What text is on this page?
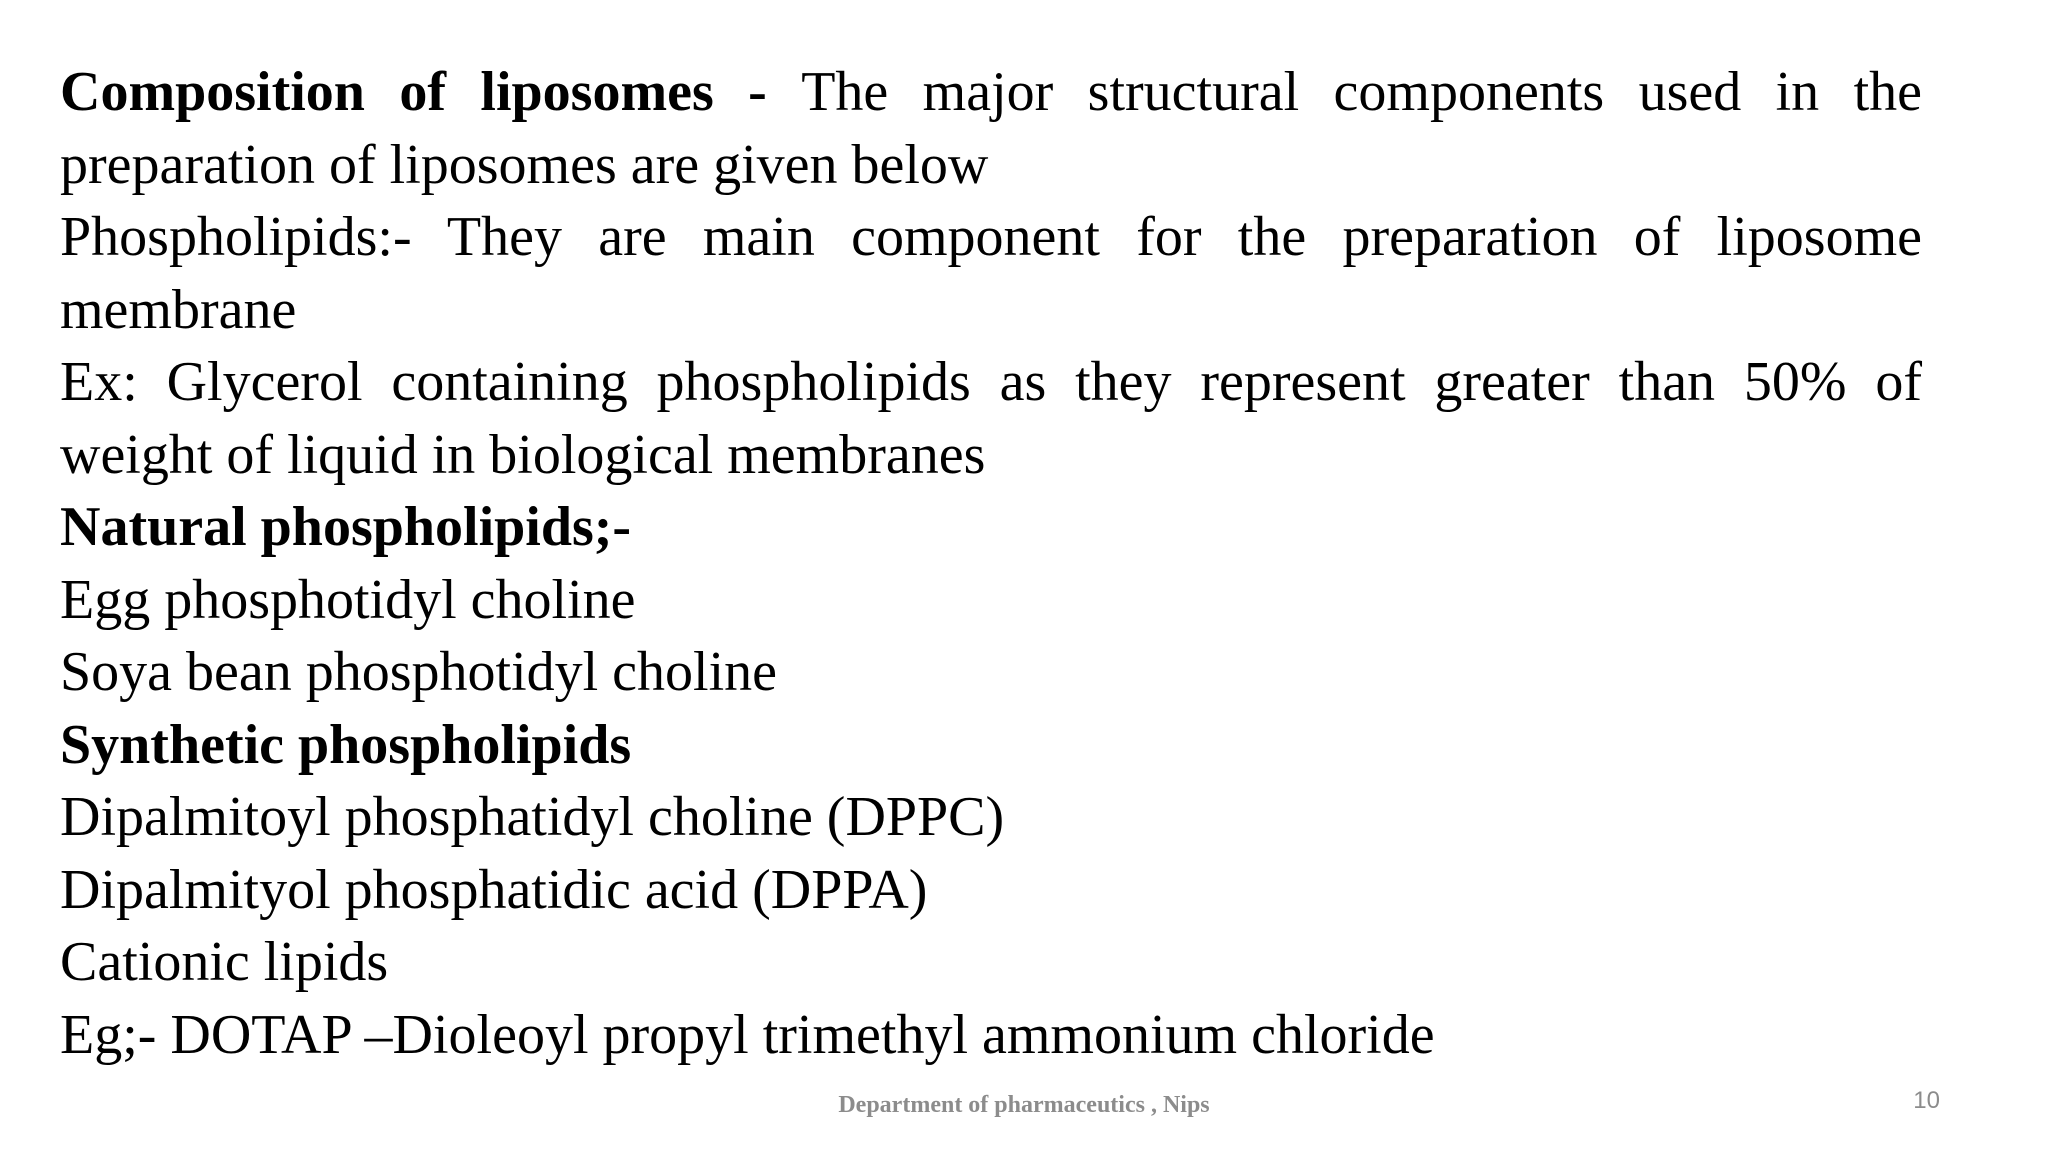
Composition of liposomes - The major structural components used in the preparation of liposomes are given below

Phospholipids:- They are main component for the preparation of liposome membrane

Ex: Glycerol containing phospholipids as they represent greater than 50% of weight of liquid in biological membranes

Natural phospholipids;-

Egg phosphotidyl choline

Soya bean phosphotidyl choline

Synthetic phospholipids

Dipalmitoyl phosphatidyl choline (DPPC)

Dipalmityol phosphatidic acid (DPPA)

Cationic lipids

Eg;- DOTAP –Dioleoyl propyl trimethyl ammonium chloride

Department of pharmaceutics , Nips	10
